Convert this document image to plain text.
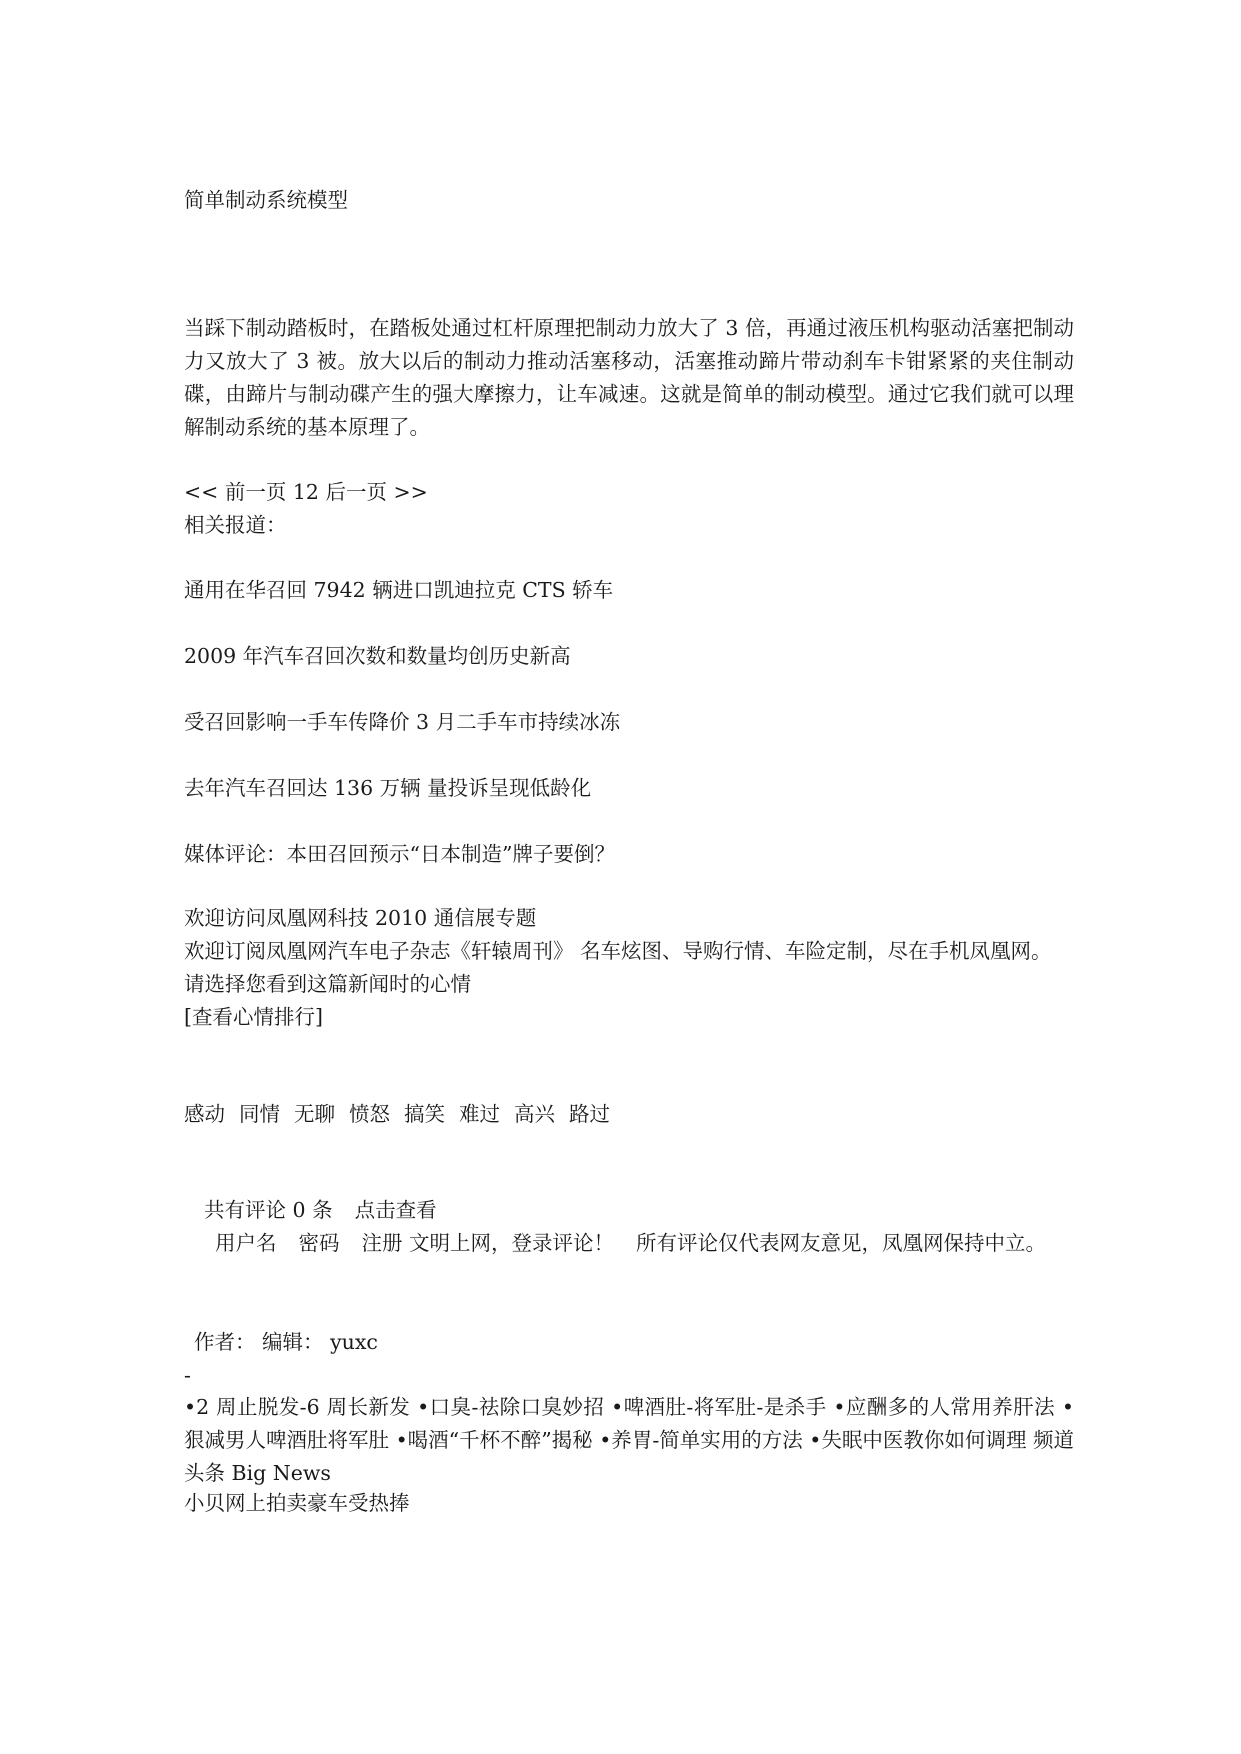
简单制动系统模型
当踩下制动踏板时，在踏板处通过杠杆原理把制动力放大了 3 倍，再通过液压机构驱动活塞把制动力又放大了 3 被。放大以后的制动力推动活塞移动，活塞推动蹄片带动刹车卡钳紧紧的夹住制动碟，由蹄片与制动碟产生的强大摩擦力，让车减速。这就是简单的制动模型。通过它我们就可以理解制动系统的基本原理了。
<< 前一页 12 后一页 >>
相关报道：
通用在华召回 7942 辆进口凯迪拉克 CTS 轿车
2009 年汽车召回次数和数量均创历史新高
受召回影响一手车传降价 3 月二手车市持续冰冻
去年汽车召回达 136 万辆 量投诉呈现低龄化
媒体评论：本田召回预示“日本制造”牌子要倒？
欢迎访问凤凰网科技 2010 通信展专题
欢迎订阅凤凰网汽车电子杂志《轩辕周刊》 名车炫图、导购行情、车险定制，尽在手机凤凰网。
请选择您看到这篇新闻时的心情
[查看心情排行]
感动 同情 无聊 愤怒 搞笑 难过 高兴 路过
共有评论 0 条 点击查看
用户名 密码 注册 文明上网，登录评论！ 所有评论仅代表网友意见，凤凰网保持中立。
作者： 编辑： yuxc
-
•2 周止脱发-6 周长新发 •口臭-祛除口臭妙招 •啤酒肚-将军肚-是杀手 •应酬多的人常用养肝法 •狠减男人啤酒肚将军肚 •喝酒“千杯不醉”揭秘 •养胃-简单实用的方法 •失眠中医教你如何调理 频道头条 Big News
小贝网上拍卖豪车受热捧
